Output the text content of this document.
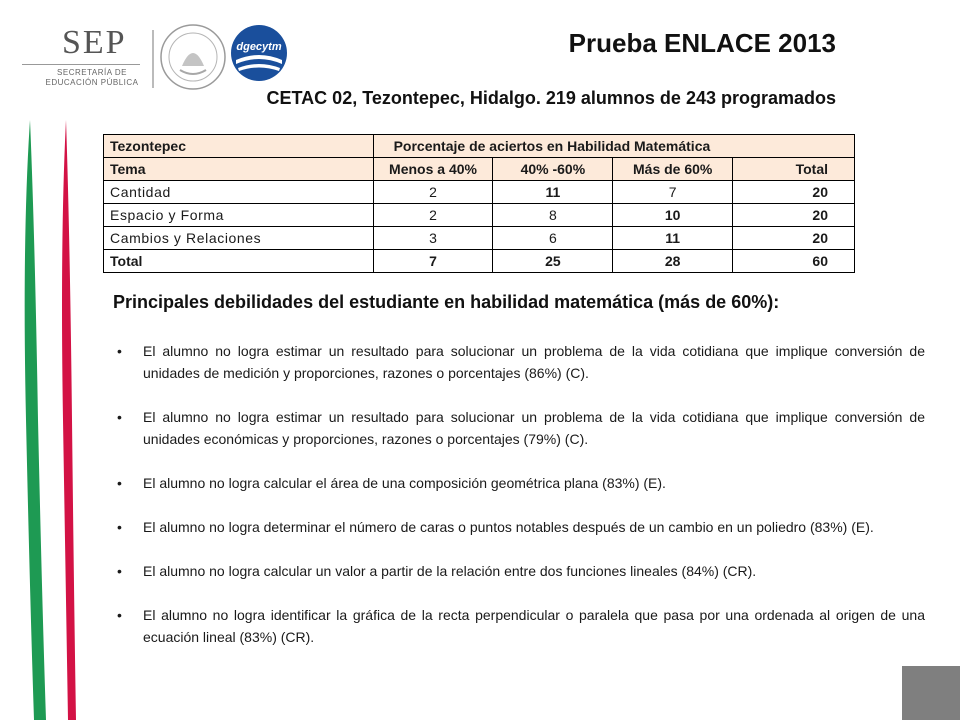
SEP
SECRETARÍA DE
EDUCACIÓN PÚBLICA
dgecytm	Prueba ENLACE 2013
CETAC 02, Tezontepec, Hidalgo. 219 alumnos de 243 programados
Tezontepec	Porcentaje de aciertos en Habilidad Matemática			
Tema	Menos a 40%	40% -60%	Más de 60%	Total
Cantidad	2	11	7	20
Espacio y Forma	2	8	10	20
Cambios y Relaciones	3	6	11	20
Total	7	25	28	60
Principales debilidades del estudiante en habilidad matemática (más de 60%):
• El alumno no logra estimar un resultado para solucionar un problema de la vida cotidiana que implique conversión de unidades de medición y proporciones, razones o porcentajes (86%) (C).
• El alumno no logra estimar un resultado para solucionar un problema de la vida cotidiana que implique conversión de unidades económicas y proporciones, razones o porcentajes (79%) (C).
• El alumno no logra calcular el área de una composición geométrica plana (83%) (E).
• El alumno no logra determinar el número de caras o puntos notables después de un cambio en un poliedro (83%) (E).
• El alumno no logra calcular un valor a partir de la relación entre dos funciones lineales (84%) (CR).
• El alumno no logra identificar la gráfica de la recta perpendicular o paralela que pasa por una ordenada al origen de una ecuación lineal (83%) (CR).
